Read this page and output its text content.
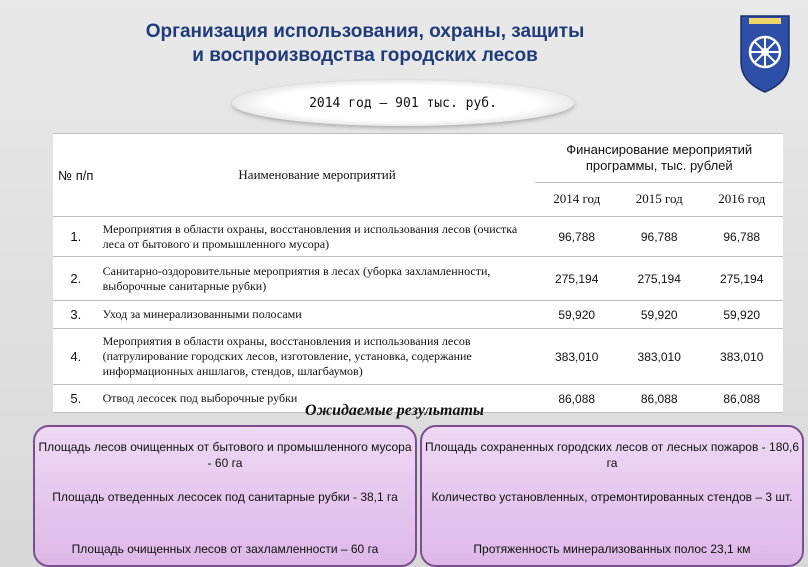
Организация использования, охраны, защиты
и воспроизводства городских лесов
2014 год – 901 тыс. руб.
№ п/п	Наименование мероприятий	Финансирование мероприятий программы, тыс. рублей		
		2014 год	2015 год	2016 год
1.	Мероприятия в области охраны, восстановления и использования лесов (очистка леса от бытового и промышленного мусора)	96,788	96,788	96,788
2.	Санитарно-оздоровительные мероприятия в лесах (уборка захламленности, выборочные санитарные рубки)	275,194	275,194	275,194
3.	Уход за минерализованными полосами	59,920	59,920	59,920
4.	Мероприятия в области охраны, восстановления и использования лесов (патрулирование городских лесов, изготовление, установка, содержание информационных аншлагов, стендов, шлагбаумов)	383,010	383,010	383,010
5.	Отвод лесосек под выборочные рубки	86,088	86,088	86,088
Ожидаемые результаты
Площадь лесов очищенных от бытового и промышленного мусора - 60 га
Площадь отведенных лесосек под санитарные рубки - 38,1 га
Площадь очищенных лесов от захламленности – 60 га
Площадь сохраненных городских лесов от лесных пожаров - 180,6 га
Количество установленных, отремонтированных стендов – 3 шт.
Протяженность минерализованных полос 23,1 км
